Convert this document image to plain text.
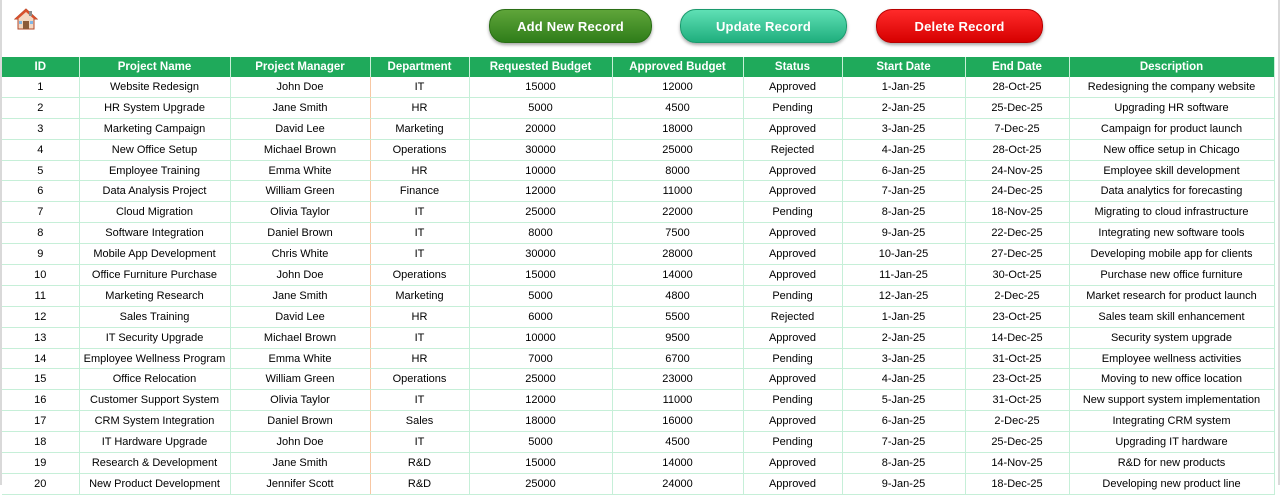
Add New Record	Update Record	Delete Record
ID	Project Name	Project Manager	Department	Requested Budget	Approved Budget	Status	Start Date	End Date	Description
1	Website Redesign	John Doe	IT	15000	12000	Approved	1-Jan-25	28-Oct-25	Redesigning the company website
2	HR System Upgrade	Jane Smith	HR	5000	4500	Pending	2-Jan-25	25-Dec-25	Upgrading HR software
3	Marketing Campaign	David Lee	Marketing	20000	18000	Approved	3-Jan-25	7-Dec-25	Campaign for product launch
4	New Office Setup	Michael Brown	Operations	30000	25000	Rejected	4-Jan-25	28-Oct-25	New office setup in Chicago
5	Employee Training	Emma White	HR	10000	8000	Approved	6-Jan-25	24-Nov-25	Employee skill development
6	Data Analysis Project	William Green	Finance	12000	11000	Approved	7-Jan-25	24-Dec-25	Data analytics for forecasting
7	Cloud Migration	Olivia Taylor	IT	25000	22000	Pending	8-Jan-25	18-Nov-25	Migrating to cloud infrastructure
8	Software Integration	Daniel Brown	IT	8000	7500	Approved	9-Jan-25	22-Dec-25	Integrating new software tools
9	Mobile App Development	Chris White	IT	30000	28000	Approved	10-Jan-25	27-Dec-25	Developing mobile app for clients
10	Office Furniture Purchase	John Doe	Operations	15000	14000	Approved	11-Jan-25	30-Oct-25	Purchase new office furniture
11	Marketing Research	Jane Smith	Marketing	5000	4800	Pending	12-Jan-25	2-Dec-25	Market research for product launch
12	Sales Training	David Lee	HR	6000	5500	Rejected	1-Jan-25	23-Oct-25	Sales team skill enhancement
13	IT Security Upgrade	Michael Brown	IT	10000	9500	Approved	2-Jan-25	14-Dec-25	Security system upgrade
14	Employee Wellness Program	Emma White	HR	7000	6700	Pending	3-Jan-25	31-Oct-25	Employee wellness activities
15	Office Relocation	William Green	Operations	25000	23000	Approved	4-Jan-25	23-Oct-25	Moving to new office location
16	Customer Support System	Olivia Taylor	IT	12000	11000	Pending	5-Jan-25	31-Oct-25	New support system implementation
17	CRM System Integration	Daniel Brown	Sales	18000	16000	Approved	6-Jan-25	2-Dec-25	Integrating CRM system
18	IT Hardware Upgrade	John Doe	IT	5000	4500	Pending	7-Jan-25	25-Dec-25	Upgrading IT hardware
19	Research & Development	Jane Smith	R&D	15000	14000	Approved	8-Jan-25	14-Nov-25	R&D for new products
20	New Product Development	Jennifer Scott	R&D	25000	24000	Approved	9-Jan-25	18-Dec-25	Developing new product line
